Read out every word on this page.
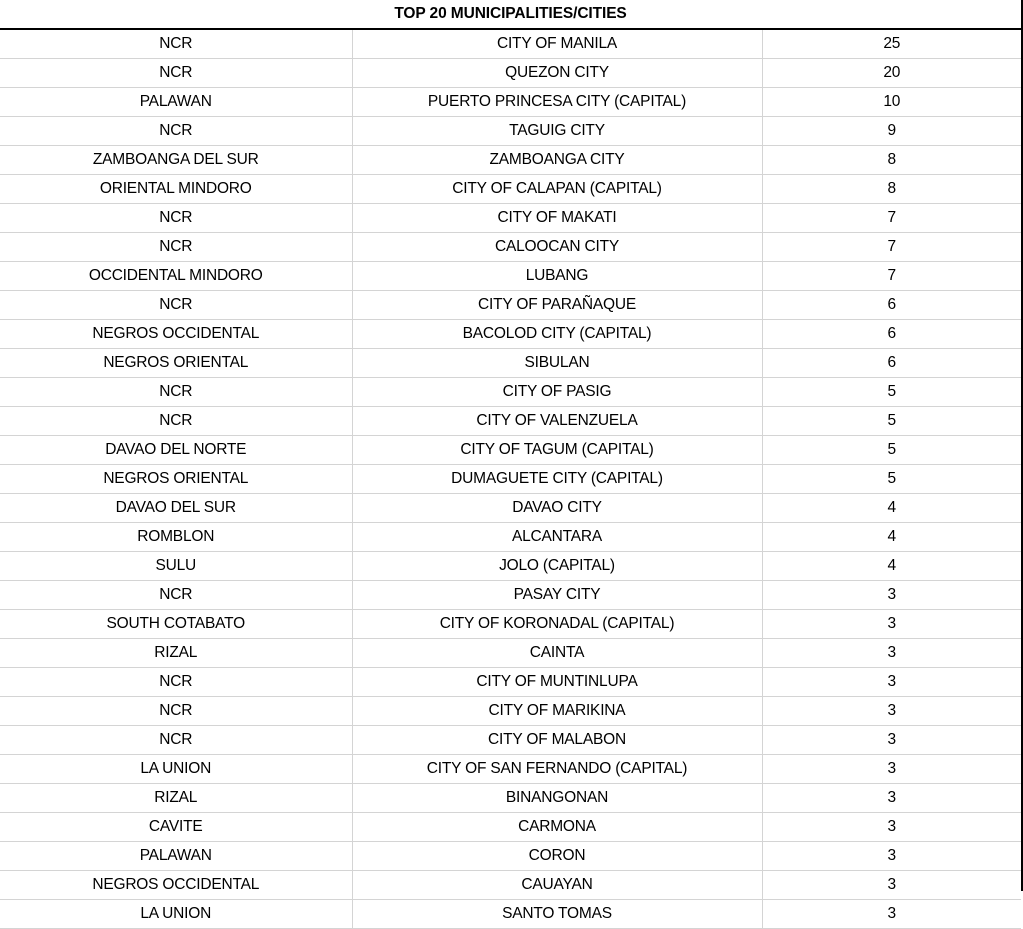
TOP 20 MUNICIPALITIES/CITIES		
NCR	CITY OF MANILA	25
NCR	QUEZON CITY	20
PALAWAN	PUERTO PRINCESA CITY (CAPITAL)	10
NCR	TAGUIG CITY	9
ZAMBOANGA DEL SUR	ZAMBOANGA CITY	8
ORIENTAL MINDORO	CITY OF CALAPAN (CAPITAL)	8
NCR	CITY OF MAKATI	7
NCR	CALOOCAN CITY	7
OCCIDENTAL MINDORO	LUBANG	7
NCR	CITY OF PARAÑAQUE	6
NEGROS OCCIDENTAL	BACOLOD CITY (CAPITAL)	6
NEGROS ORIENTAL	SIBULAN	6
NCR	CITY OF PASIG	5
NCR	CITY OF VALENZUELA	5
DAVAO DEL NORTE	CITY OF TAGUM (CAPITAL)	5
NEGROS ORIENTAL	DUMAGUETE CITY (CAPITAL)	5
DAVAO DEL SUR	DAVAO CITY	4
ROMBLON	ALCANTARA	4
SULU	JOLO (CAPITAL)	4
NCR	PASAY CITY	3
SOUTH COTABATO	CITY OF KORONADAL (CAPITAL)	3
RIZAL	CAINTA	3
NCR	CITY OF MUNTINLUPA	3
NCR	CITY OF MARIKINA	3
NCR	CITY OF MALABON	3
LA UNION	CITY OF SAN FERNANDO (CAPITAL)	3
RIZAL	BINANGONAN	3
CAVITE	CARMONA	3
PALAWAN	CORON	3
NEGROS OCCIDENTAL	CAUAYAN	3
LA UNION	SANTO TOMAS	3
